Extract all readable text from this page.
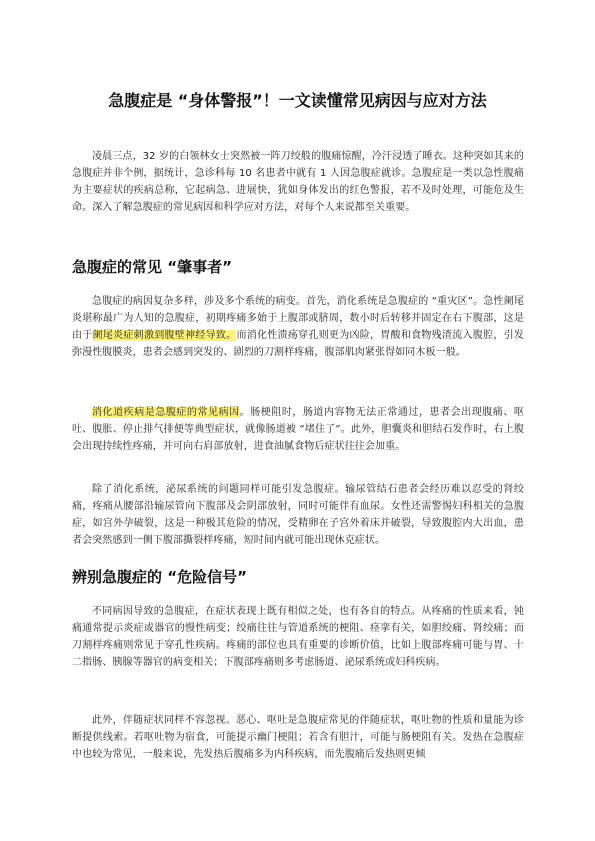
急腹症是 “身体警报”！一文读懂常见病因与应对方法

凌晨三点，32 岁的白领林女士突然被一阵刀绞般的腹痛惊醒，冷汗浸透了睡衣。这种突如其来的急腹症并非个例，据统计，急诊科每 10 名患者中就有 1 人因急腹症就诊。急腹症是一类以急性腹痛为主要症状的疾病总称，它起病急、进展快，犹如身体发出的红色警报，若不及时处理，可能危及生命。深入了解急腹症的常见病因和科学应对方法，对每个人来说都至关重要。

急腹症的常见 “肇事者”

急腹症的病因复杂多样，涉及多个系统的病变。首先，消化系统是急腹症的 “重灾区”。急性阑尾炎堪称最广为人知的急腹症，初期疼痛多始于上腹部或脐周，数小时后转移并固定在右下腹部，这是由于阑尾炎症刺激到腹壁神经导致。而消化性溃疡穿孔则更为凶险，胃酸和食物残渣流入腹腔，引发弥漫性腹膜炎，患者会感到突发的、剧烈的刀割样疼痛，腹部肌肉紧张得如同木板一般。

消化道疾病是急腹症的常见病因。肠梗阻时，肠道内容物无法正常通过，患者会出现腹痛、呕吐、腹胀、停止排气排便等典型症状，就像肠道被 “堵住了”。此外，胆囊炎和胆结石发作时，右上腹会出现持续性疼痛，并可向右肩部放射，进食油腻食物后症状往往会加重。

除了消化系统，泌尿系统的问题同样可能引发急腹症。输尿管结石患者会经历难以忍受的肾绞痛，疼痛从腰部沿输尿管向下腹部及会阴部放射，同时可能伴有血尿。女性还需警惕妇科相关的急腹症，如宫外孕破裂，这是一种极其危险的情况，受精卵在子宫外着床并破裂，导致腹腔内大出血，患者会突然感到一侧下腹部撕裂样疼痛，短时间内就可能出现休克症状。

辨别急腹症的 “危险信号”

不同病因导致的急腹症，在症状表现上既有相似之处，也有各自的特点。从疼痛的性质来看，钝痛通常提示炎症或器官的慢性病变；绞痛往往与管道系统的梗阻、痉挛有关，如胆绞痛、肾绞痛；而刀割样疼痛则常见于穿孔性疾病。疼痛的部位也具有重要的诊断价值，比如上腹部疼痛可能与胃、十二指肠、胰腺等器官的病变相关；下腹部疼痛则多考虑肠道、泌尿系统或妇科疾病。

此外，伴随症状同样不容忽视。恶心、呕吐是急腹症常见的伴随症状，呕吐物的性质和量能为诊断提供线索。若呕吐物为宿食，可能提示幽门梗阻；若含有胆汁，可能与肠梗阻有关。发热在急腹症中也较为常见，一般来说，先发热后腹痛多为内科疾病，而先腹痛后发热则更倾
